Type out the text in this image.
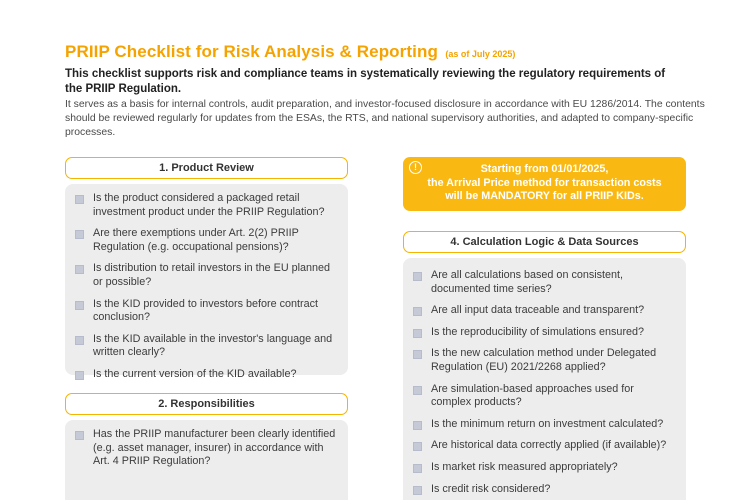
PRIIP Checklist for Risk Analysis & Reporting (as of July 2025)

This checklist supports risk and compliance teams in systematically reviewing the regulatory requirements of the PRIIP Regulation.

It serves as a basis for internal controls, audit preparation, and investor-focused disclosure in accordance with EU 1286/2014. The contents should be reviewed regularly for updates from the ESAs, the RTS, and national supervisory authorities, and adapted to company-specific processes.

1. Product Review
Is the product considered a packaged retail investment product under the PRIIP Regulation?
Are there exemptions under Art. 2(2) PRIIP Regulation (e.g. occupational pensions)?
Is distribution to retail investors in the EU planned or possible?
Is the KID provided to investors before contract conclusion?
Is the KID available in the investor's language and written clearly?
Is the current version of the KID available?
2. Responsibilities
Has the PRIIP manufacturer been clearly identified (e.g. asset manager, insurer) in accordance with Art. 4 PRIIP Regulation?
!	Starting from 01/01/2025,
the Arrival Price method for transaction costs
will be MANDATORY for all PRIIP KIDs.
4. Calculation Logic & Data Sources
Are all calculations based on consistent, documented time series?
Are all input data traceable and transparent?
Is the reproducibility of simulations ensured?
Is the new calculation method under Delegated Regulation (EU) 2021/2268 applied?
Are simulation-based approaches used for complex products?
Is the minimum return on investment calculated?
Are historical data correctly applied (if available)?
Is market risk measured appropriately?
Is credit risk considered?
